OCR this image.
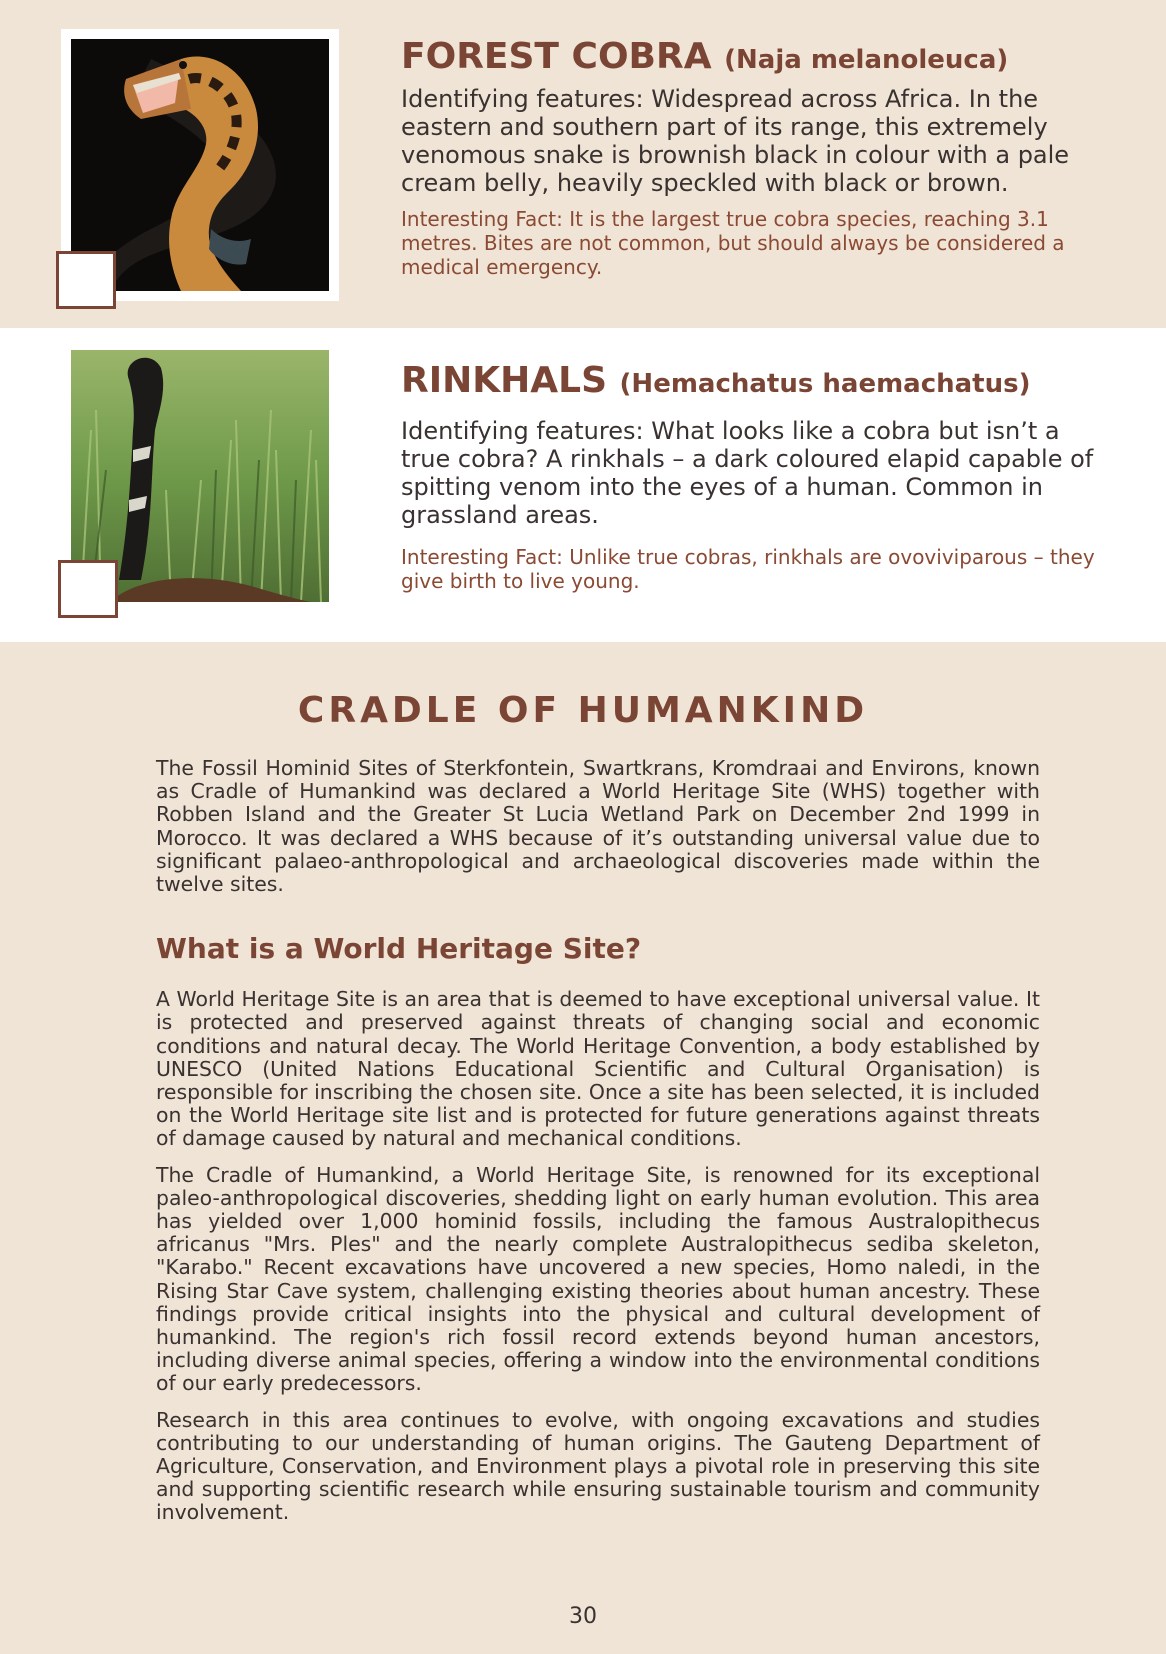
FOREST COBRA (Naja melanoleuca)

Identifying features: Widespread across Africa. In the eastern and southern part of its range, this extremely venomous snake is brownish black in colour with a pale cream belly, heavily speckled with black or brown.

Interesting Fact: It is the largest true cobra species, reaching 3.1 metres. Bites are not common, but should always be considered a medical emergency.

RINKHALS (Hemachatus haemachatus)

Identifying features: What looks like a cobra but isn’t a true cobra? A rinkhals – a dark coloured elapid capable of spitting venom into the eyes of a human. Common in grassland areas.

Interesting Fact: Unlike true cobras, rinkhals are ovoviviparous – they give birth to live young.

CRADLE OF HUMANKIND

The Fossil Hominid Sites of Sterkfontein, Swartkrans, Kromdraai and Environs, known as Cradle of Humankind was declared a World Heritage Site (WHS) together with Robben Island and the Greater St Lucia Wetland Park on December 2nd 1999 in Morocco. It was declared a WHS because of it’s outstanding universal value due to significant palaeo-anthropological and archaeological discoveries made within the twelve sites.

What is a World Heritage Site?

A World Heritage Site is an area that is deemed to have exceptional universal value. It is protected and preserved against threats of changing social and economic conditions and natural decay. The World Heritage Convention, a body established by UNESCO (United Nations Educational Scientific and Cultural Organisation) is responsible for inscribing the chosen site. Once a site has been selected, it is included on the World Heritage site list and is protected for future generations against threats of damage caused by natural and mechanical conditions.

The Cradle of Humankind, a World Heritage Site, is renowned for its exceptional paleo-anthropological discoveries, shedding light on early human evolution. This area has yielded over 1,000 hominid fossils, including the famous Australopithecus africanus "Mrs. Ples" and the nearly complete Australopithecus sediba skeleton, "Karabo." Recent excavations have uncovered a new species, Homo naledi, in the Rising Star Cave system, challenging existing theories about human ancestry. These findings provide critical insights into the physical and cultural development of humankind. The region's rich fossil record extends beyond human ancestors, including diverse animal species, offering a window into the environmental conditions of our early predecessors.

Research in this area continues to evolve, with ongoing excavations and studies contributing to our understanding of human origins. The Gauteng Department of Agriculture, Conservation, and Environment plays a pivotal role in preserving this site and supporting scientific research while ensuring sustainable tourism and community involvement.

30
